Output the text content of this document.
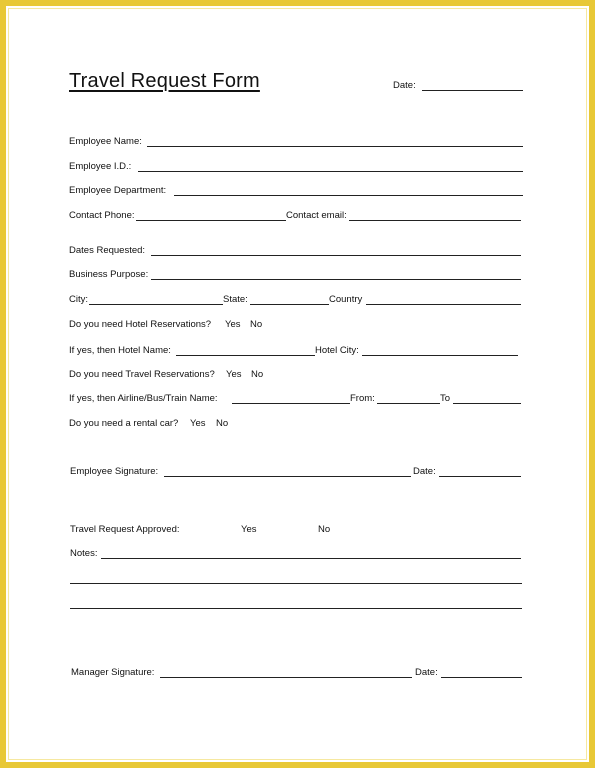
Travel Request Form	Date:
Employee Name:
Employee I.D.:
Employee Department:
Contact Phone:	Contact email:
Dates Requested:
Business Purpose:
City:	State:	Country
Do you need Hotel Reservations? Yes No
If yes, then Hotel Name:	Hotel City:
Do you need Travel Reservations? Yes No
If yes, then Airline/Bus/Train Name:	From:	To
Do you need a rental car? Yes No
Employee Signature:	Date:
Travel Request Approved:	Yes	No
Notes:
Manager Signature:	Date:
